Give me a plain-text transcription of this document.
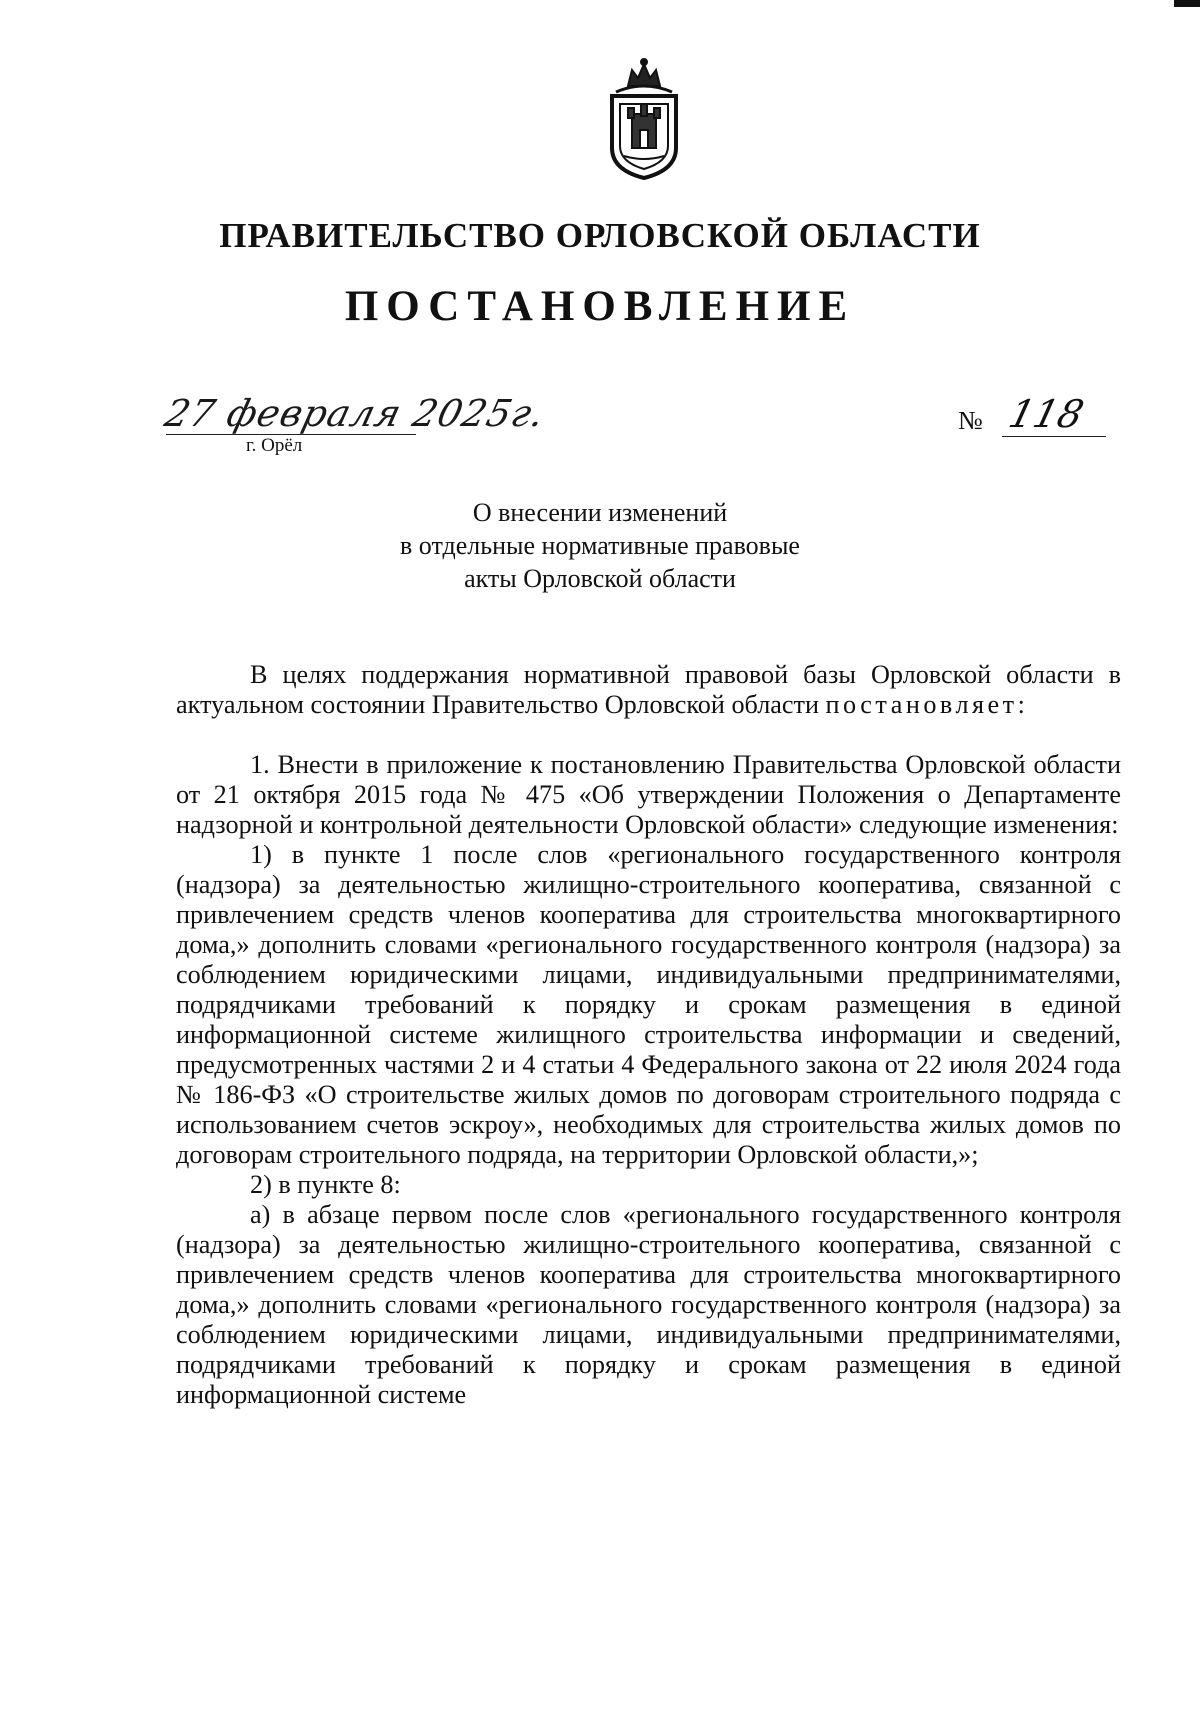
ПРАВИТЕЛЬСТВО ОРЛОВСКОЙ ОБЛАСТИ
ПОСТАНОВЛЕНИЕ
27 февраля 2025г.
г. Орёл
№ 118
О внесении изменений
в отдельные нормативные правовые
акты Орловской области

В целях поддержания нормативной правовой базы Орловской области в актуальном состоянии Правительство Орловской области постановляет:

1. Внести в приложение к постановлению Правительства Орловской области от 21 октября 2015 года № 475 «Об утверждении Положения о Департаменте надзорной и контрольной деятельности Орловской области» следующие изменения:

1) в пункте 1 после слов «регионального государственного контроля (надзора) за деятельностью жилищно-строительного кооператива, связанной с привлечением средств членов кооператива для строительства многоквартирного дома,» дополнить словами «регионального государственного контроля (надзора) за соблюдением юридическими лицами, индивидуальными предпринимателями, подрядчиками требований к порядку и срокам размещения в единой информационной системе жилищного строительства информации и сведений, предусмотренных частями 2 и 4 статьи 4 Федерального закона от 22 июля 2024 года № 186-ФЗ «О строительстве жилых домов по договорам строительного подряда с использованием счетов эскроу», необходимых для строительства жилых домов по договорам строительного подряда, на территории Орловской области,»;

2) в пункте 8:

а) в абзаце первом после слов «регионального государственного контроля (надзора) за деятельностью жилищно-строительного кооператива, связанной с привлечением средств членов кооператива для строительства многоквартирного дома,» дополнить словами «регионального государственного контроля (надзора) за соблюдением юридическими лицами, индивидуальными предпринимателями, подрядчиками требований к порядку и срокам размещения в единой информационной системе
